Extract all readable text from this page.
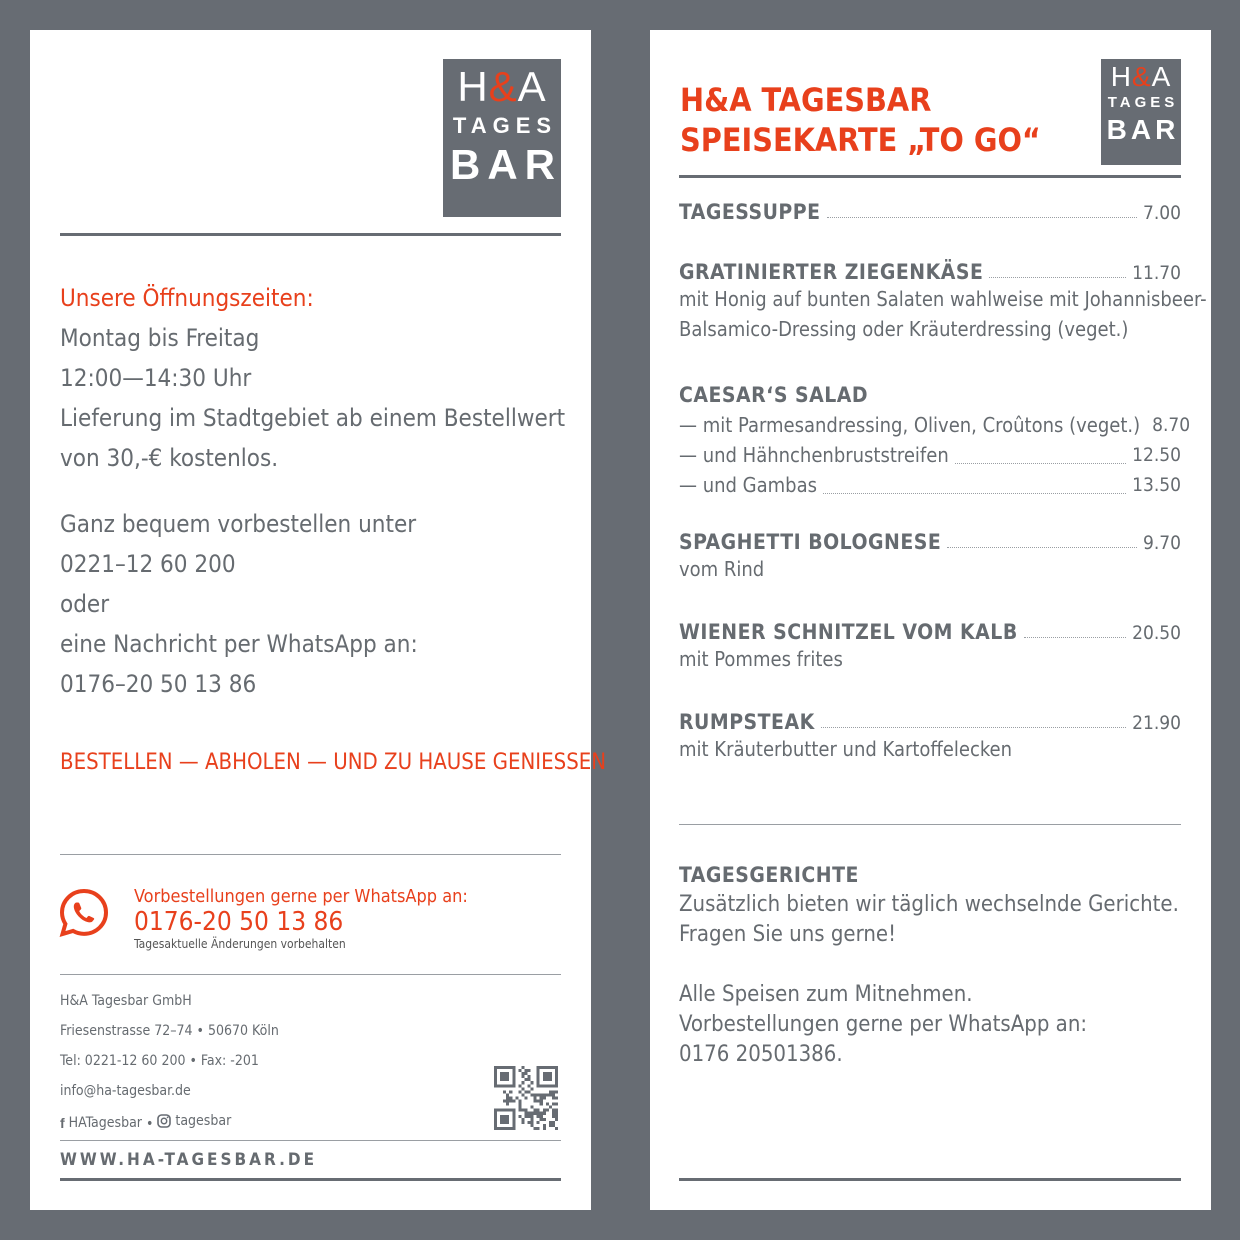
H&A
TAGES
BAR
Unsere Öffnungszeiten:
Montag bis Freitag
12:00—14:30 Uhr
Lieferung im Stadtgebiet ab einem Bestellwert
von 30,-€ kostenlos.
Ganz bequem vorbestellen unter
0221–12 60 200
oder
eine Nachricht per WhatsApp an:
0176–20 50 13 86
BESTELLEN — ABHOLEN — UND ZU HAUSE GENIESSEN
Vorbestellungen gerne per WhatsApp an:
0176-20 50 13 86
Tagesaktuelle Änderungen vorbehalten
H&A Tagesbar GmbH
Friesenstrasse 72–74 • 50670 Köln
Tel: 0221-12 60 200 • Fax: -201
info@ha-tagesbar.de
f HATagesbar • tagesbar
WWW.HA-TAGESBAR.DE
H&A TAGESBAR
SPEISEKARTE „TO GO“
H&A
TAGES
BAR
TAGESSUPPE	7.00
GRATINIERTER ZIEGENKÄSE	11.70
mit Honig auf bunten Salaten wahlweise mit Johannisbeer-
Balsamico-Dressing oder Kräuterdressing (veget.)
CAESAR‘S SALAD
— mit Parmesandressing, Oliven, Croûtons (veget.) 8.70
— und Hähnchenbruststreifen	12.50
— und Gambas	13.50
SPAGHETTI BOLOGNESE	9.70
vom Rind
WIENER SCHNITZEL VOM KALB	20.50
mit Pommes frites
RUMPSTEAK	21.90
mit Kräuterbutter und Kartoffelecken
TAGESGERICHTE
Zusätzlich bieten wir täglich wechselnde Gerichte.
Fragen Sie uns gerne!
Alle Speisen zum Mitnehmen.
Vorbestellungen gerne per WhatsApp an:
0176 20501386.
